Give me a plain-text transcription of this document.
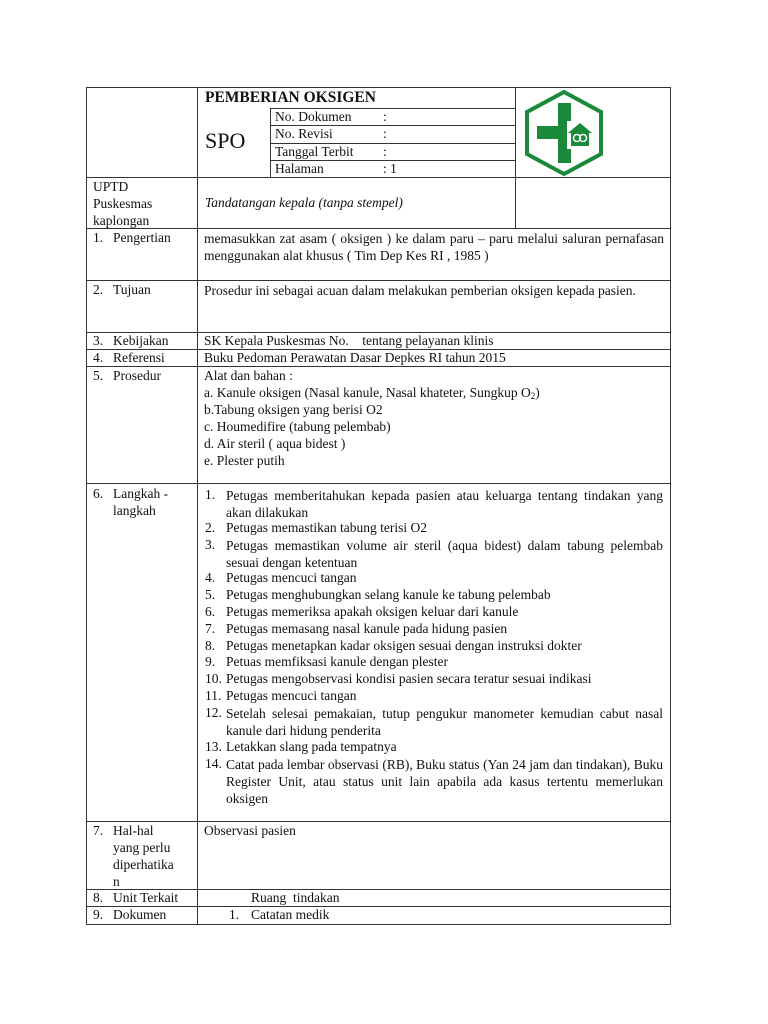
PEMBERIAN OKSIGEN
SPO
No. Dokumen :
No. Revisi	:
Tanggal Terbit :
Halaman	: 1
UPTD
Puskesmas
kaplongan
Tandatangan kepala (tanpa stempel)
1. Pengertian memasukkan zat asam ( oksigen ) ke dalam paru – paru melalui saluran pernafasan menggunakan alat khusus ( Tim Dep Kes RI , 1985 )
2. Tujuan	Prosedur ini sebagai acuan dalam melakukan pemberian oksigen kepada pasien.
3. Kebijakan	SK Kepala Puskesmas No.    tentang pelayanan klinis
4. Referensi	Buku Pedoman Perawatan Dasar Depkes RI tahun 2015
5. Prosedur	Alat dan bahan :
a. Kanule oksigen (Nasal kanule, Nasal khateter, Sungkup $O_2$)
b.Tabung oksigen yang berisi O2
c. Houmedifire (tabung pelembab)
d. Air steril ( aqua bidest )
e. Plester putih
6. Langkah -
langkah
1. Petugas memberitahukan kepada pasien atau keluarga tentang tindakan yang akan dilakukan
2. Petugas memastikan tabung terisi O2
3. Petugas memastikan volume air steril (aqua bidest) dalam tabung pelembab sesuai dengan ketentuan
4. Petugas mencuci tangan
5. Petugas menghubungkan selang kanule ke tabung pelembab
6. Petugas memeriksa apakah oksigen keluar dari kanule
7. Petugas memasang nasal kanule pada hidung pasien
8. Petugas menetapkan kadar oksigen sesuai dengan instruksi dokter
9. Petuas memfiksasi kanule dengan plester
10. Petugas mengobservasi kondisi pasien secara teratur sesuai indikasi
11. Petugas mencuci tangan
12. Setelah selesai pemakaian, tutup pengukur manometer kemudian cabut nasal kanule dari hidung penderita
13. Letakkan slang pada tempatnya
14. Catat pada lembar observasi (RB), Buku status (Yan 24 jam dan tindakan), Buku Register Unit, atau status unit lain apabila ada kasus tertentu memerlukan oksigen
7. Hal-hal
yang perlu
diperhatika
n
Observasi pasien
8. Unit Terkait	Ruang  tindakan
9. Dokumen	1. Catatan medik
